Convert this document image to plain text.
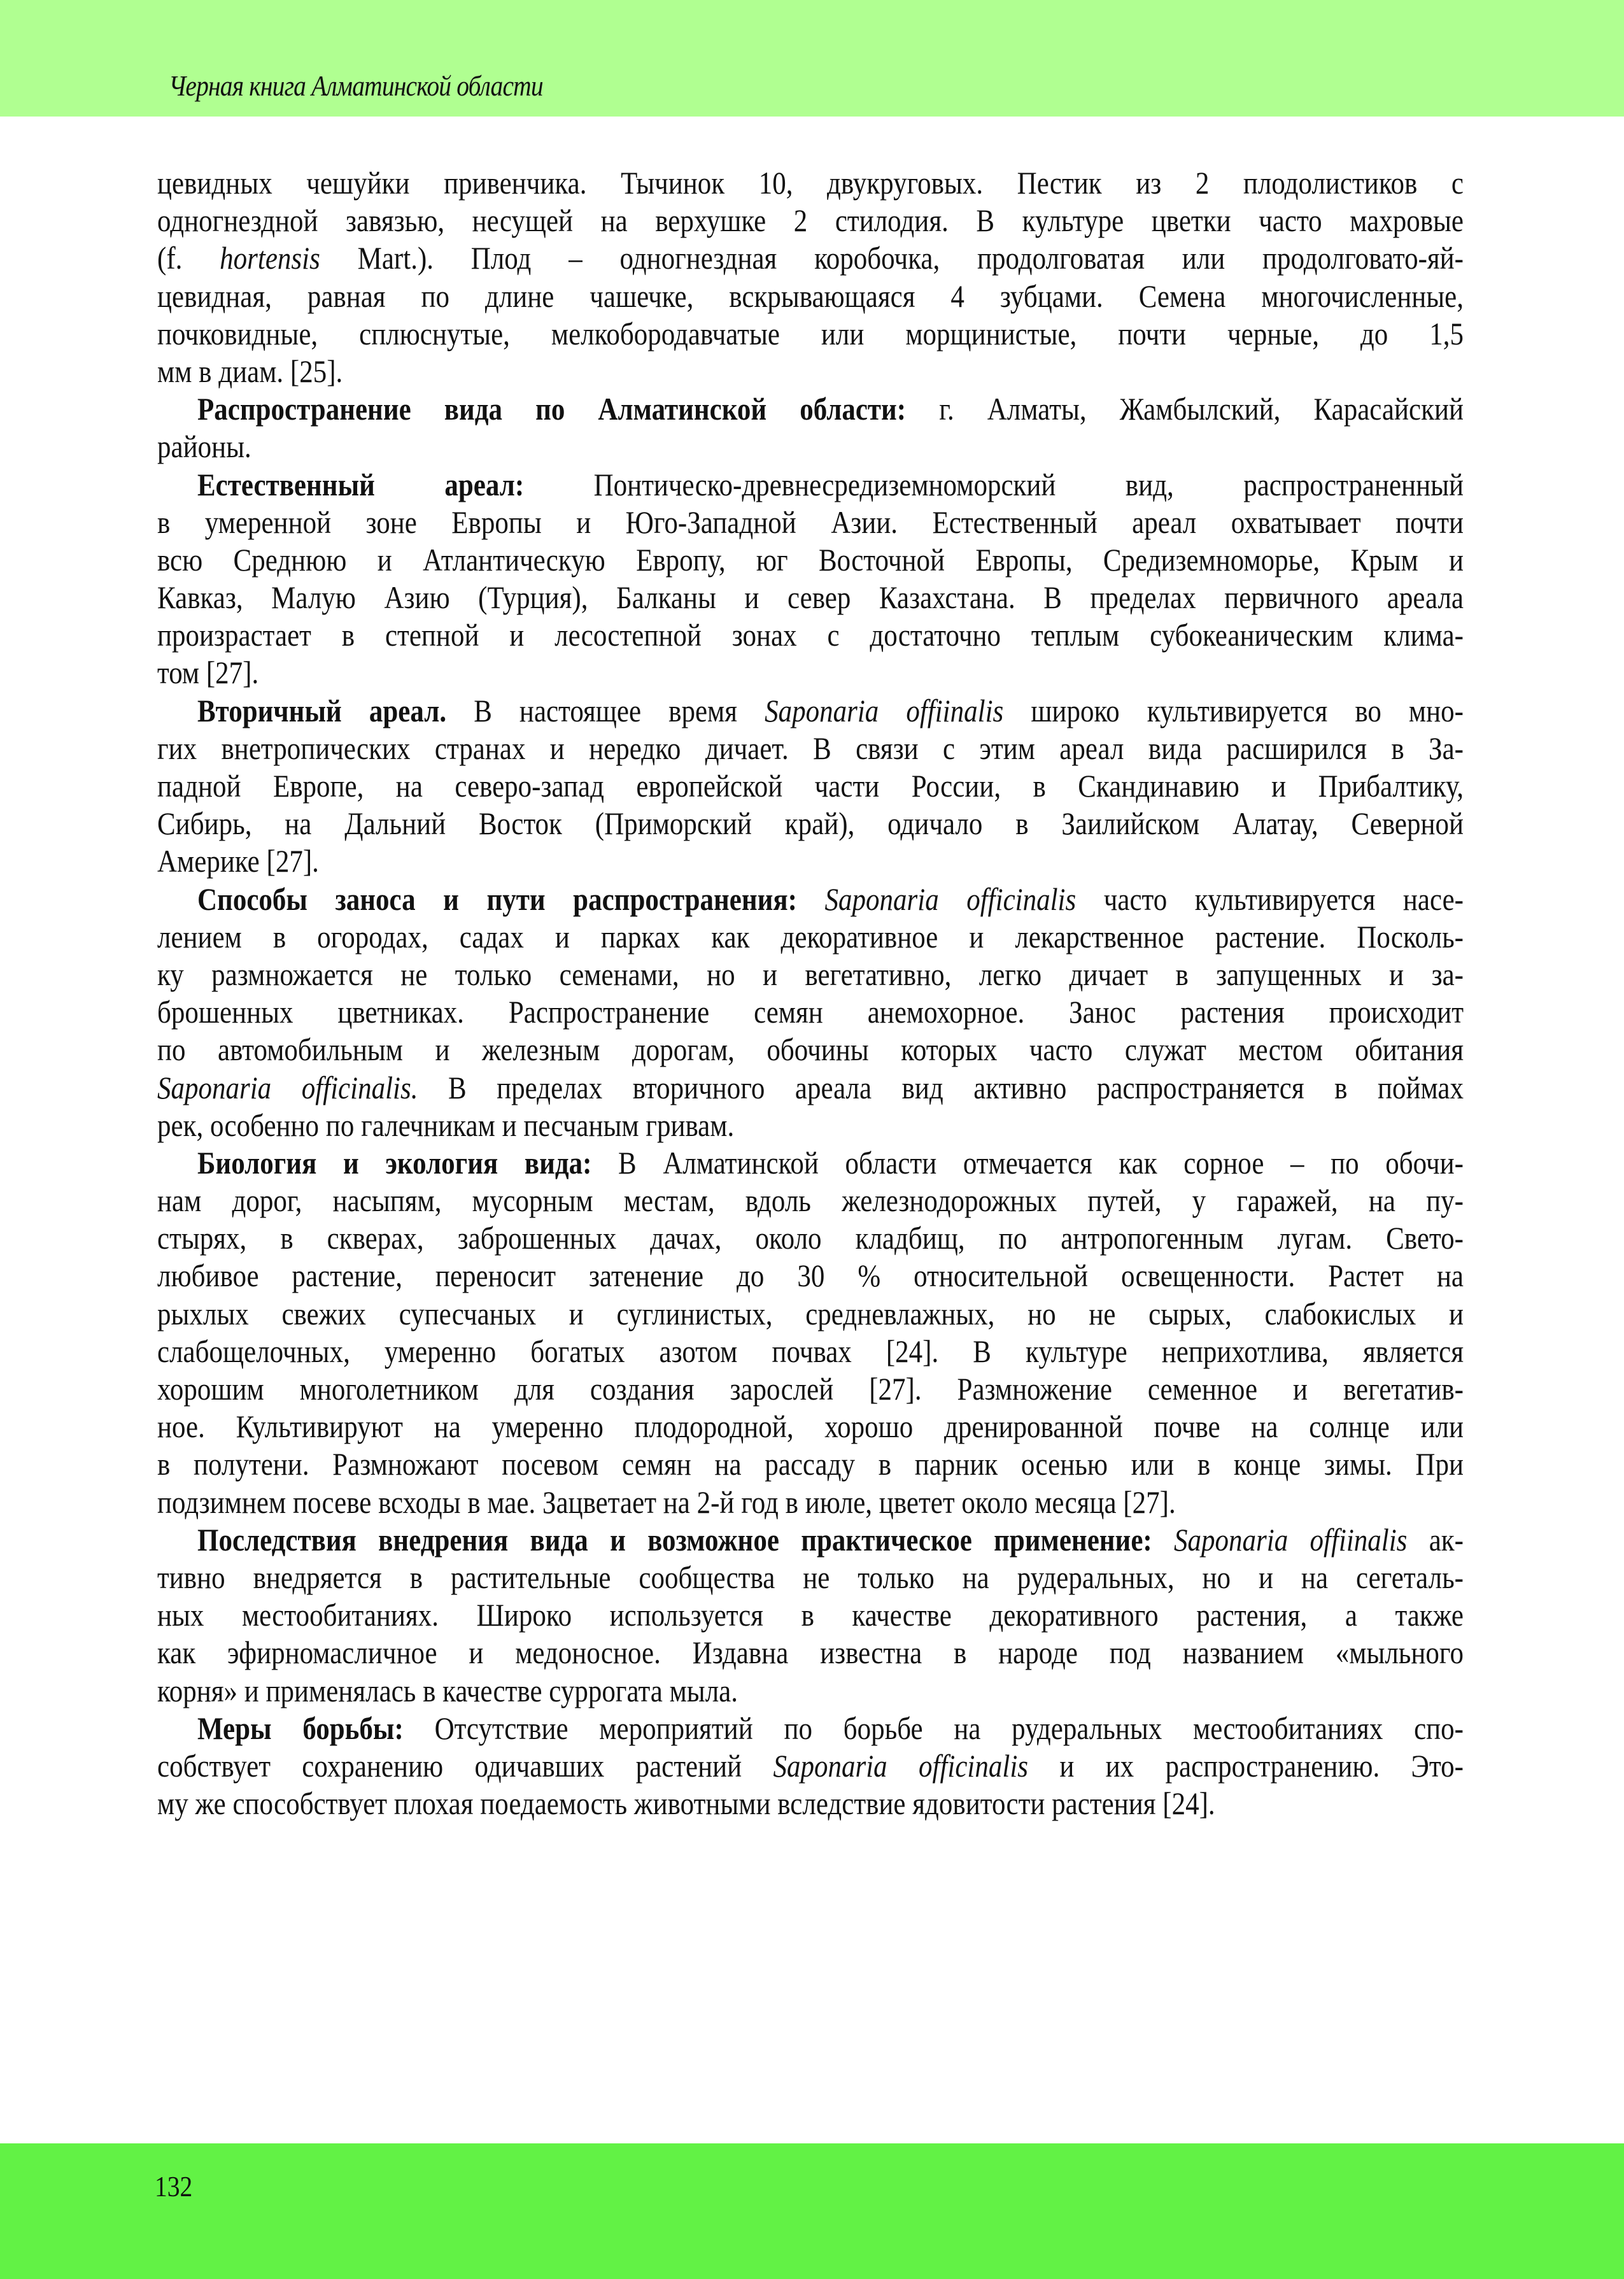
Черная книга Алматинской области
цевидных чешуйки привенчика. Тычинок 10, двукруговых. Пестик из 2 плодолистиков с
одногнездной завязью, несущей на верхушке 2 стилодия. В культуре цветки часто махровые
(f. hortensis Mart.). Плод – одногнездная коробочка, продолговатая или продолговато-яй-
цевидная, равная по длине чашечке, вскрывающаяся 4 зубцами. Семена многочисленные,
почковидные, сплюснутые, мелкобородавчатые или морщинистые, почти черные, до 1,5
мм в диам. [25].
Распространение вида по Алматинской области: г. Алматы, Жамбылский, Карасайский
районы.
Естественный ареал: Понтическо-древнесредиземноморский вид, распространенный
в умеренной зоне Европы и Юго-Западной Азии. Естественный ареал охватывает почти
всю Среднюю и Атлантическую Европу, юг Восточной Европы, Средиземноморье, Крым и
Кавказ, Малую Азию (Турция), Балканы и север Казахстана. В пределах первичного ареала
произрастает в степной и лесостепной зонах с достаточно теплым субокеаническим клима-
том [27].
Вторичный ареал. В настоящее время Saponaria offiinalis широко культивируется во мно-
гих внетропических странах и нередко дичает. В связи с этим ареал вида расширился в За-
падной Европе, на северо-запад европейской части России, в Скандинавию и Прибалтику,
Сибирь, на Дальний Восток (Приморский край), одичало в Заилийском Алатау, Северной
Америке [27].
Способы заноса и пути распространения: Saponaria officinalis часто культивируется насе-
лением в огородах, садах и парках как декоративное и лекарственное растение. Посколь-
ку размножается не только семенами, но и вегетативно, легко дичает в запущенных и за-
брошенных цветниках. Распространение семян анемохорное. Занос растения происходит
по автомобильным и железным дорогам, обочины которых часто служат местом обитания
Saponaria officinalis. В пределах вторичного ареала вид активно распространяется в поймах
рек, особенно по галечникам и песчаным гривам.
Биология и экология вида: В Алматинской области отмечается как сорное – по обочи-
нам дорог, насыпям, мусорным местам, вдоль железнодорожных путей, у гаражей, на пу-
стырях, в скверах, заброшенных дачах, около кладбищ, по антропогенным лугам. Свето-
любивое растение, переносит затенение до 30 % относительной освещенности. Растет на
рыхлых свежих супесчаных и суглинистых, средневлажных, но не сырых, слабокислых и
слабощелочных, умеренно богатых азотом почвах [24]. В культуре неприхотлива, является
хорошим многолетником для создания зарослей [27]. Размножение семенное и вегетатив-
ное. Культивируют на умеренно плодородной, хорошо дренированной почве на солнце или
в полутени. Размножают посевом семян на рассаду в парник осенью или в конце зимы. При
подзимнем посеве всходы в мае. Зацветает на 2-й год в июле, цветет около месяца [27].
Последствия внедрения вида и возможное практическое применение: Saponaria offiinalis ак-
тивно внедряется в растительные сообщества не только на рудеральных, но и на сегеталь-
ных местообитаниях. Широко используется в качестве декоративного растения, а также
как эфирномасличное и медоносное. Издавна известна в народе под названием «мыльного
корня» и применялась в качестве суррогата мыла.
Меры борьбы: Отсутствие мероприятий по борьбе на рудеральных местообитаниях спо-
собствует сохранению одичавших растений Saponaria officinalis и их распространению. Это-
му же способствует плохая поедаемость животными вследствие ядовитости растения [24].
132
